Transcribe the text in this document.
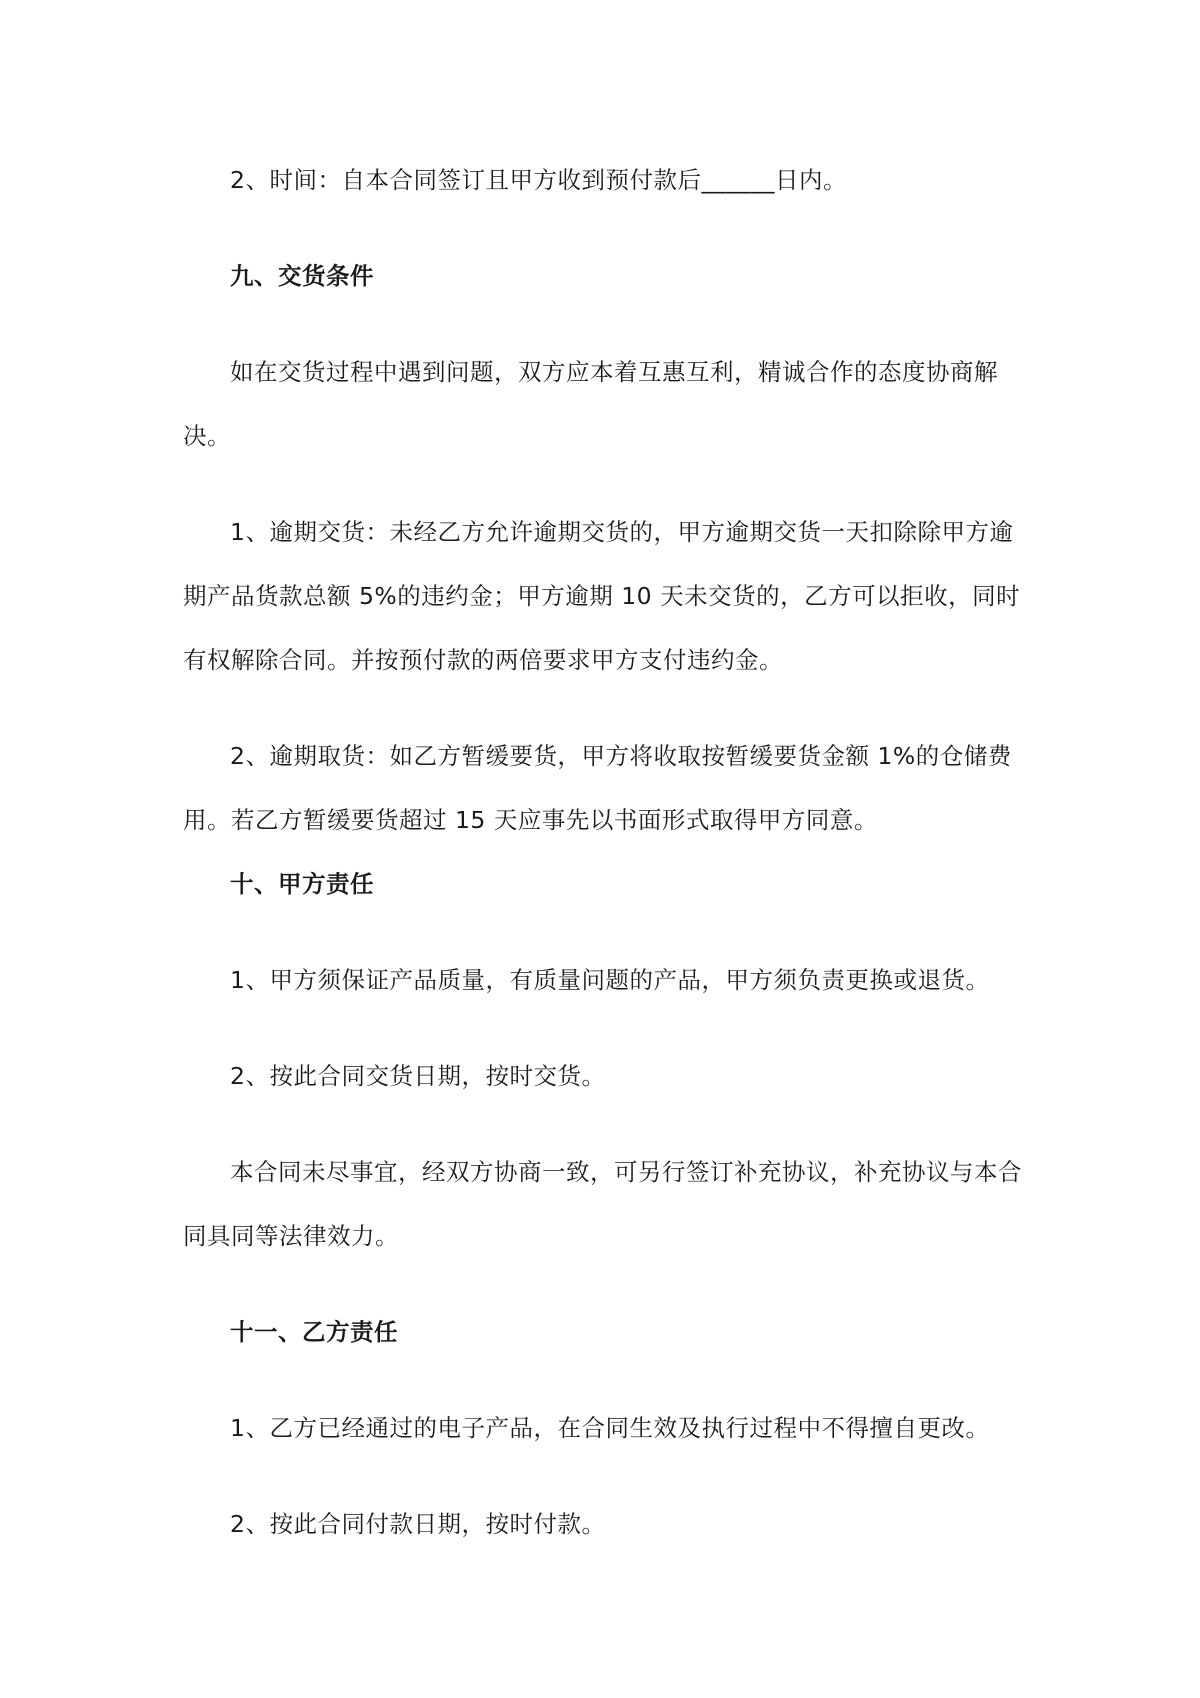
2、时间：自本合同签订且甲方收到预付款后______日内。

九、交货条件

如在交货过程中遇到问题，双方应本着互惠互利，精诚合作的态度协商解决。

1、逾期交货：未经乙方允许逾期交货的，甲方逾期交货一天扣除除甲方逾期产品货款总额 5%的违约金；甲方逾期 10 天未交货的，乙方可以拒收，同时有权解除合同。并按预付款的两倍要求甲方支付违约金。

2、逾期取货：如乙方暂缓要货，甲方将收取按暂缓要货金额 1%的仓储费用。若乙方暂缓要货超过 15 天应事先以书面形式取得甲方同意。

十、甲方责任

1、甲方须保证产品质量，有质量问题的产品，甲方须负责更换或退货。

2、按此合同交货日期，按时交货。

本合同未尽事宜，经双方协商一致，可另行签订补充协议，补充协议与本合同具同等法律效力。

十一、乙方责任

1、乙方已经通过的电子产品，在合同生效及执行过程中不得擅自更改。

2、按此合同付款日期，按时付款。
